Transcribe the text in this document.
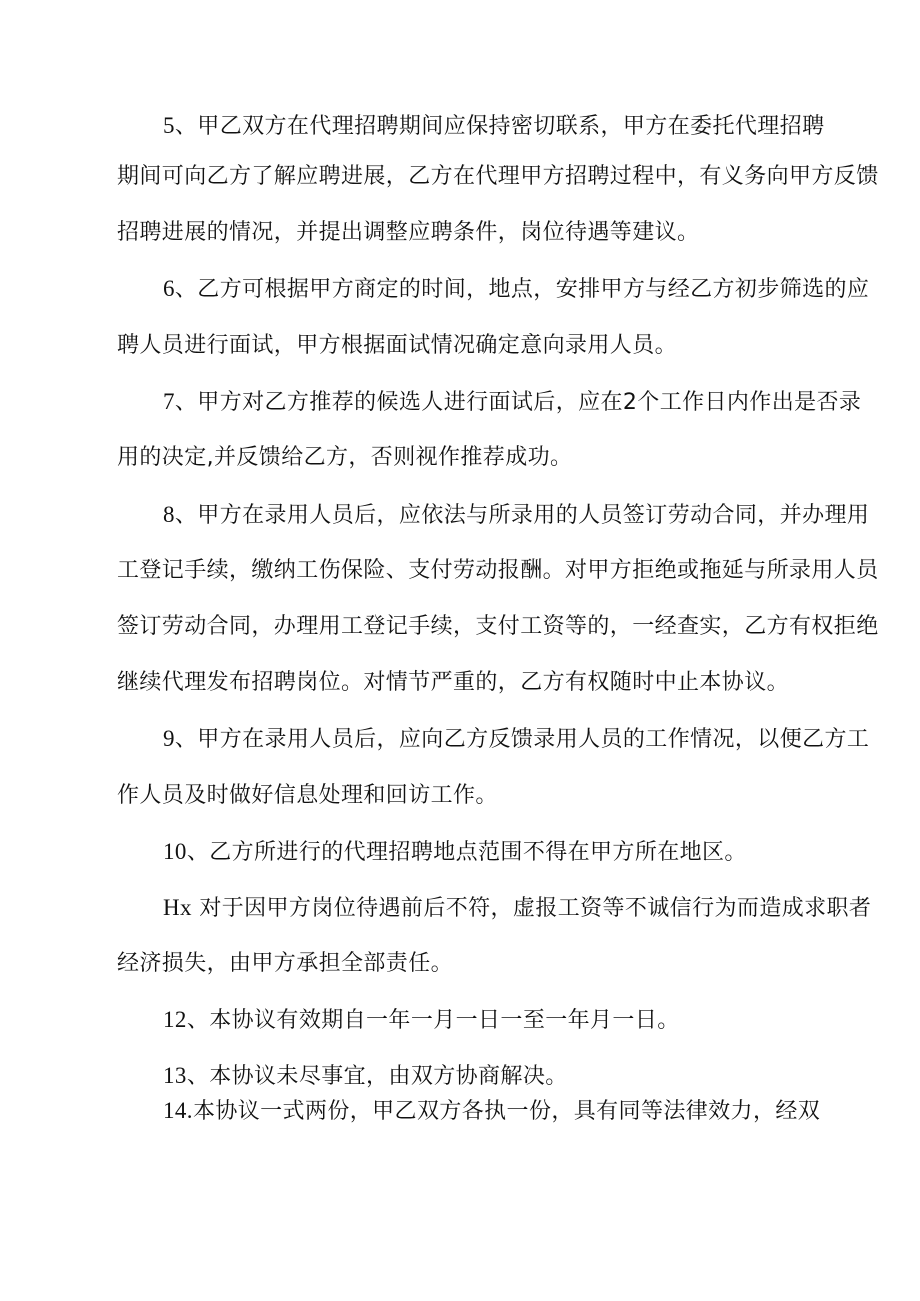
5、甲乙双方在代理招聘期间应保持密切联系，甲方在委托代理招聘
期间可向乙方了解应聘进展，乙方在代理甲方招聘过程中，有义务向甲方反馈
招聘进展的情况，并提出调整应聘条件，岗位待遇等建议。
6、乙方可根据甲方商定的时间，地点，安排甲方与经乙方初步筛选的应
聘人员进行面试，甲方根据面试情况确定意向录用人员。
7、甲方对乙方推荐的候选人进行面试后，应在2个工作日内作出是否录
用的决定,并反馈给乙方，否则视作推荐成功。
8、甲方在录用人员后，应依法与所录用的人员签订劳动合同，并办理用
工登记手续，缴纳工伤保险、支付劳动报酬。对甲方拒绝或拖延与所录用人员
签订劳动合同，办理用工登记手续，支付工资等的，一经查实，乙方有权拒绝
继续代理发布招聘岗位。对情节严重的，乙方有权随时中止本协议。
9、甲方在录用人员后，应向乙方反馈录用人员的工作情况，以便乙方工
作人员及时做好信息处理和回访工作。
10、乙方所进行的代理招聘地点范围不得在甲方所在地区。
Hx 对于因甲方岗位待遇前后不符，虚报工资等不诚信行为而造成求职者
经济损失，由甲方承担全部责任。
12、本协议有效期自一年一月一日一至一年月一日。
13、本协议未尽事宜，由双方协商解决。
14.本协议一式两份，甲乙双方各执一份，具有同等法律效力，经双
